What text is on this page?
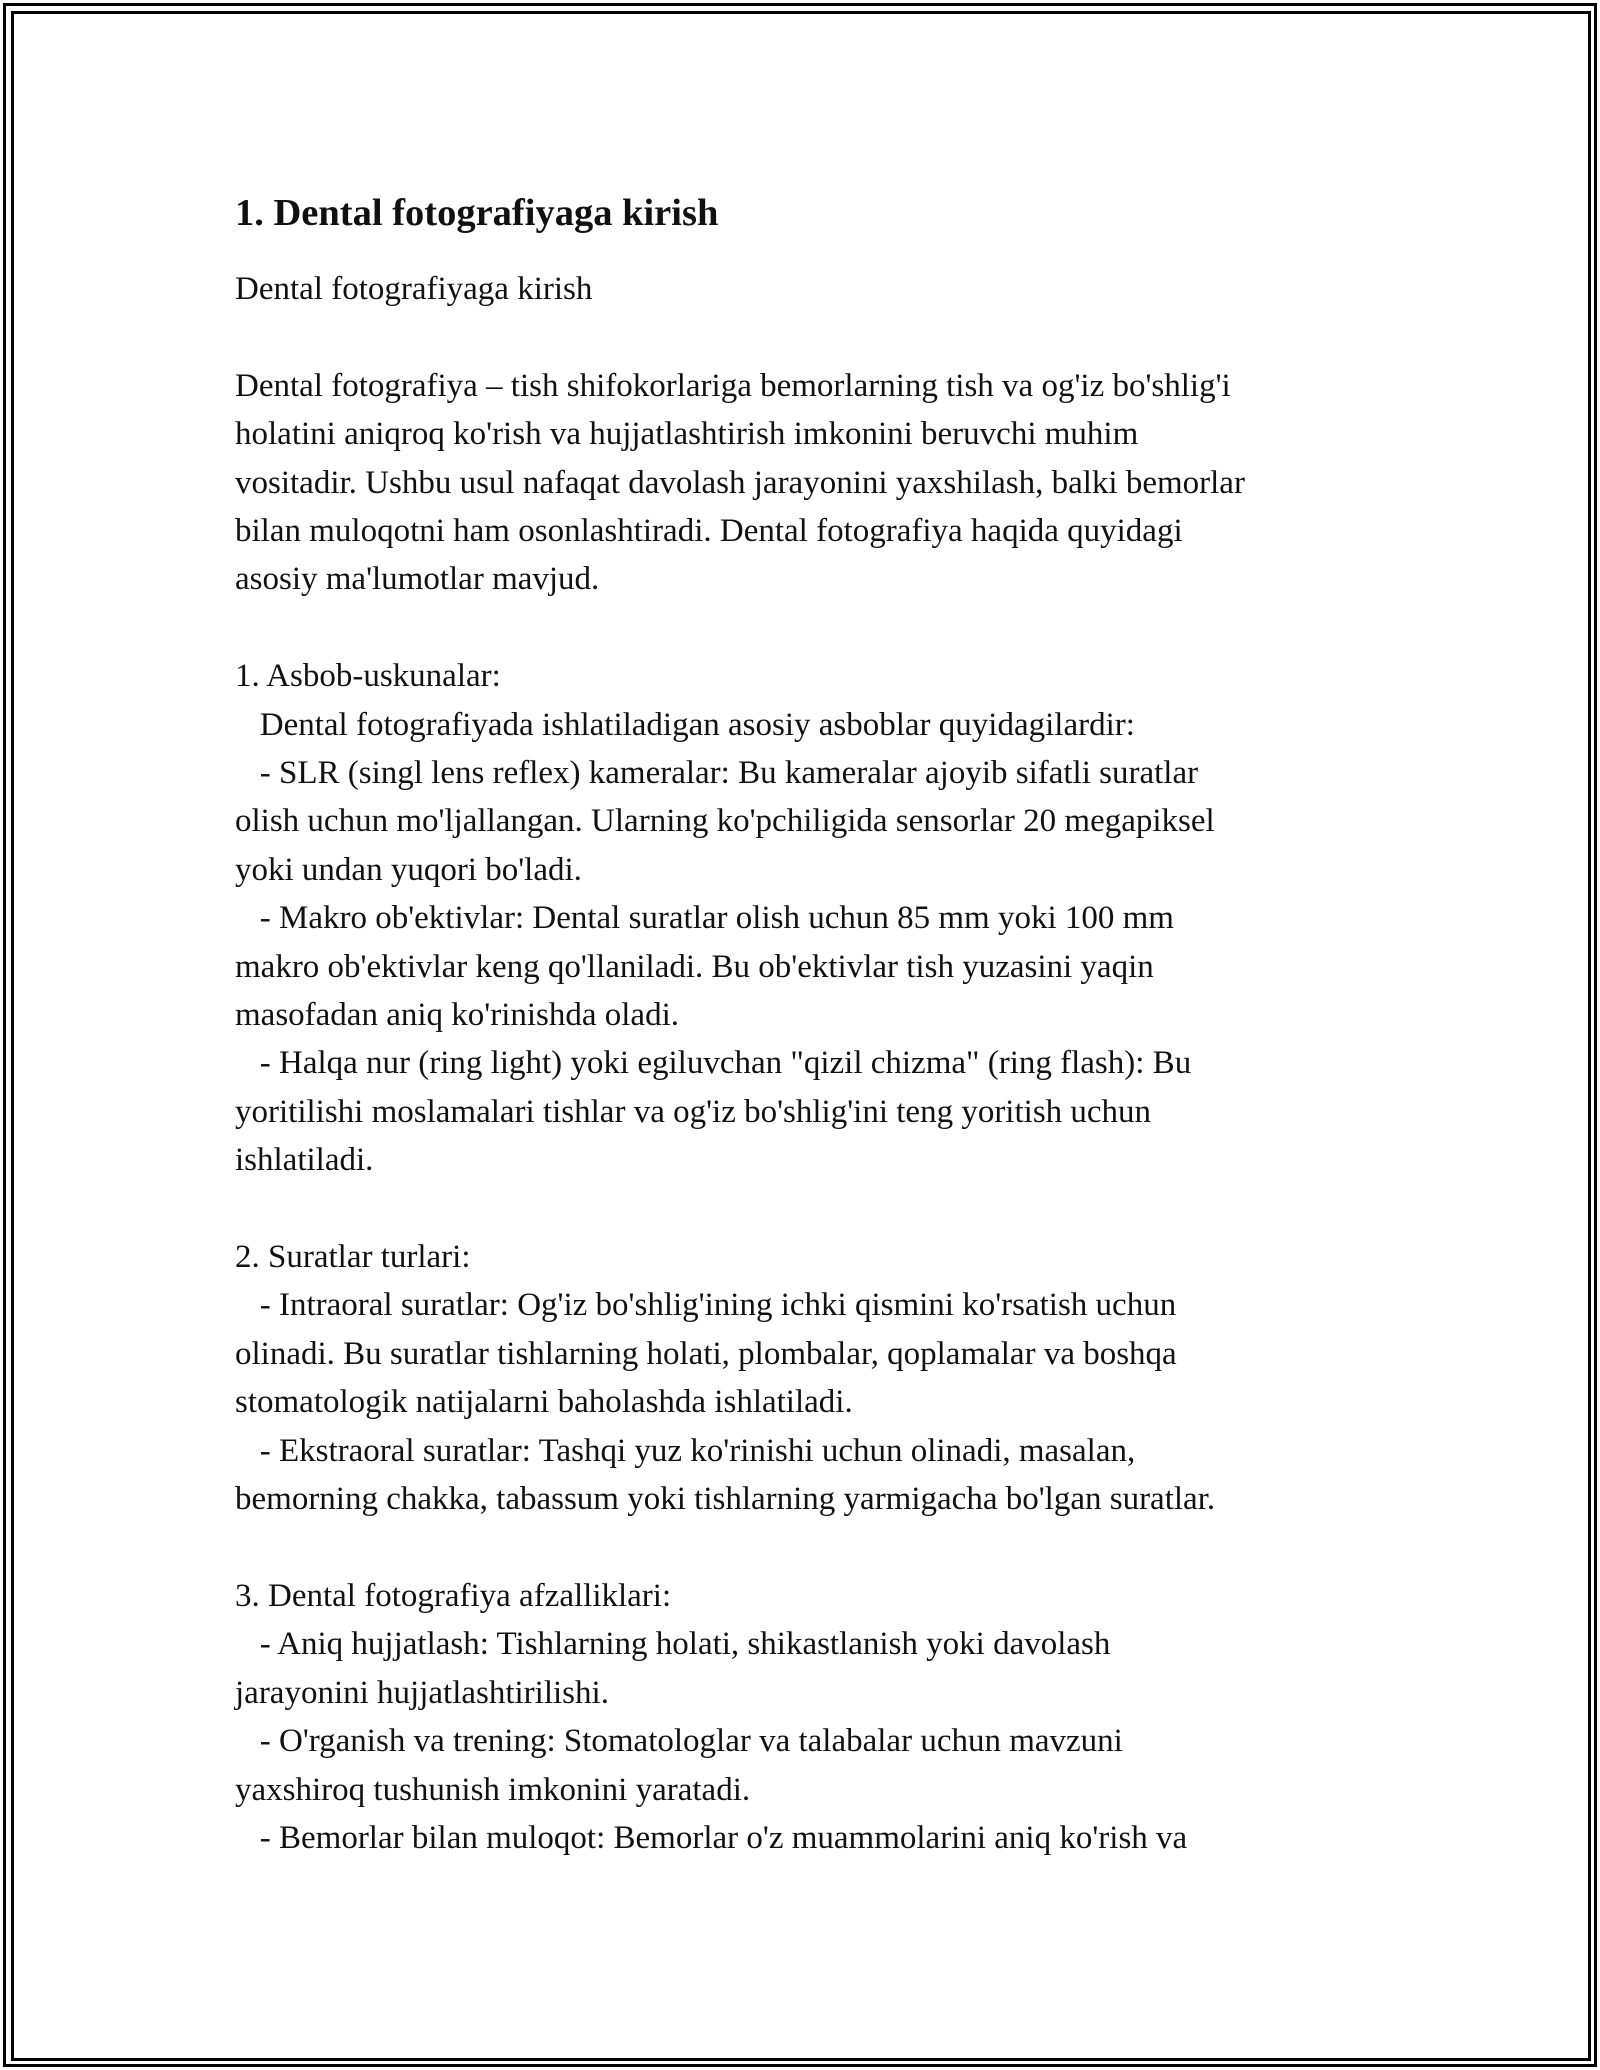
1. Dental fotografiyaga kirish

Dental fotografiyaga kirish

Dental fotografiya – tish shifokorlariga bemorlarning tish va og'iz bo'shlig'i
holatini aniqroq ko'rish va hujjatlashtirish imkonini beruvchi muhim
vositadir. Ushbu usul nafaqat davolash jarayonini yaxshilash, balki bemorlar
bilan muloqotni ham osonlashtiradi. Dental fotografiya haqida quyidagi
asosiy ma'lumotlar mavjud.
1. Asbob-uskunalar:
Dental fotografiyada ishlatiladigan asosiy asboblar quyidagilardir:
- SLR (singl lens reflex) kameralar: Bu kameralar ajoyib sifatli suratlar
olish uchun mo'ljallangan. Ularning ko'pchiligida sensorlar 20 megapiksel
yoki undan yuqori bo'ladi.
- Makro ob'ektivlar: Dental suratlar olish uchun 85 mm yoki 100 mm
makro ob'ektivlar keng qo'llaniladi. Bu ob'ektivlar tish yuzasini yaqin
masofadan aniq ko'rinishda oladi.
- Halqa nur (ring light) yoki egiluvchan "qizil chizma" (ring flash): Bu
yoritilishi moslamalari tishlar va og'iz bo'shlig'ini teng yoritish uchun
ishlatiladi.
2. Suratlar turlari:
- Intraoral suratlar: Og'iz bo'shlig'ining ichki qismini ko'rsatish uchun
olinadi. Bu suratlar tishlarning holati, plombalar, qoplamalar va boshqa
stomatologik natijalarni baholashda ishlatiladi.
- Ekstraoral suratlar: Tashqi yuz ko'rinishi uchun olinadi, masalan,
bemorning chakka, tabassum yoki tishlarning yarmigacha bo'lgan suratlar.
3. Dental fotografiya afzalliklari:
- Aniq hujjatlash: Tishlarning holati, shikastlanish yoki davolash
jarayonini hujjatlashtirilishi.
- O'rganish va trening: Stomatologlar va talabalar uchun mavzuni
yaxshiroq tushunish imkonini yaratadi.
- Bemorlar bilan muloqot: Bemorlar o'z muammolarini aniq ko'rish va
